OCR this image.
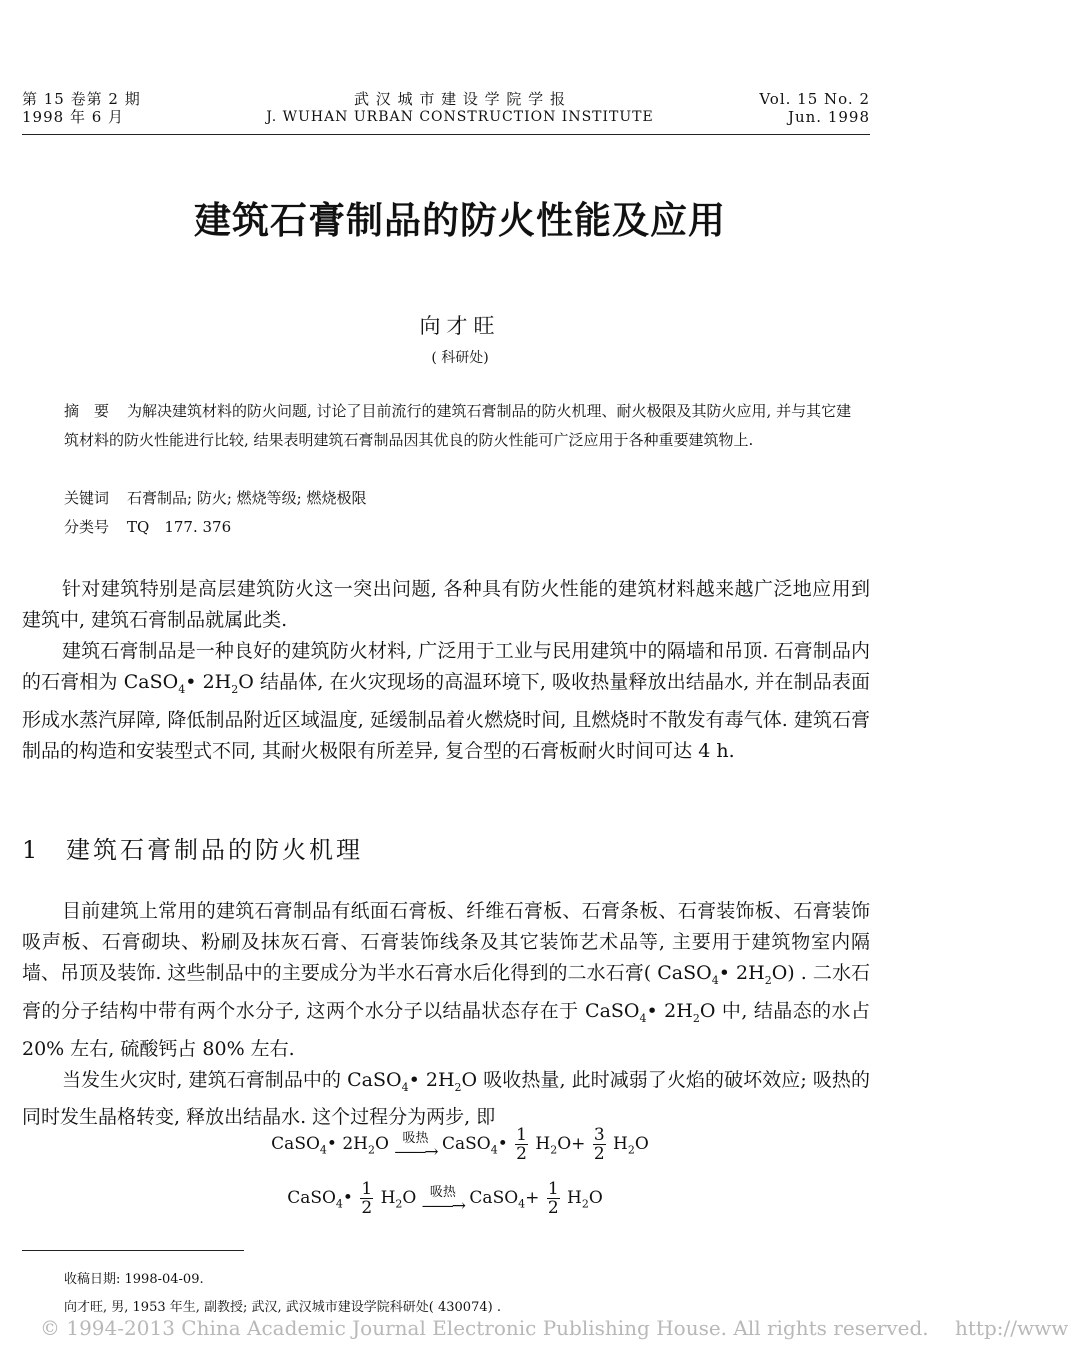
第 15 卷第 2 期
1998 年 6 月
武 汉 城 市 建 设 学 院 学 报
J. WUHAN URBAN CONSTRUCTION INSTITUTE
Vol. 15 No. 2
Jun. 1998
建筑石膏制品的防火性能及应用
向才旺
( 科研处)
摘　要 为解决建筑材料的防火问题, 讨论了目前流行的建筑石膏制品的防火机理、耐火极限及其防火应用, 并与其它建筑材料的防火性能进行比较, 结果表明建筑石膏制品因其优良的防火性能可广泛应用于各种重要建筑物上.
关键词 石膏制品; 防火; 燃烧等级; 燃烧极限
分类号 TQ　177. 376

针对建筑特别是高层建筑防火这一突出问题, 各种具有防火性能的建筑材料越来越广泛地应用到建筑中, 建筑石膏制品就属此类.

建筑石膏制品是一种良好的建筑防火材料, 广泛用于工业与民用建筑中的隔墙和吊顶. 石膏制品内的石膏相为 CaSO$_4$• $2H_2O$ 结晶体, 在火灾现场的高温环境下, 吸收热量释放出结晶水, 并在制品表面形成水蒸汽屏障, 降低制品附近区域温度, 延缓制品着火燃烧时间, 且燃烧时不散发有毒气体. 建筑石膏制品的构造和安装型式不同, 其耐火极限有所差异, 复合型的石膏板耐火时间可达 4 h.

1 建筑石膏制品的防火机理

目前建筑上常用的建筑石膏制品有纸面石膏板、纤维石膏板、石膏条板、石膏装饰板、石膏装饰吸声板、石膏砌块、粉刷及抹灰石膏、石膏装饰线条及其它装饰艺术品等, 主要用于建筑物室内隔墙、吊顶及装饰. 这些制品中的主要成分为半水石膏水后化得到的二水石膏( CaSO$_4$• $2H_2O$) . 二水石膏的分子结构中带有两个水分子, 这两个水分子以结晶状态存在于 CaSO$_4$• $2H_2O$ 中, 结晶态的水占 20% 左右, 硫酸钙占 80% 左右.

当发生火灾时, 建筑石膏制品中的 CaSO$_4$• $2H_2O$ 吸收热量, 此时减弱了火焰的破坏效应; 吸热的同时发生晶格转变, 释放出结晶水. 这个过程分为两步, 即

CaSO$_4$• $2H_2O$ 吸热
——→ CaSO$_4$• $\frac{1}{2} H_2O+ \frac{3}{2} H_2O$
CaSO$_4$• $\frac{1}{2} H_2O$ 吸热
——→ CaSO$_4$+ $\frac{1}{2} H_2O$
收稿日期: 1998-04-09.
向才旺, 男, 1953 年生, 副教授; 武汉, 武汉城市建设学院科研处( 430074) .
© 1994-2013 China Academic Journal Electronic Publishing House. All rights reserved.　 http://www
